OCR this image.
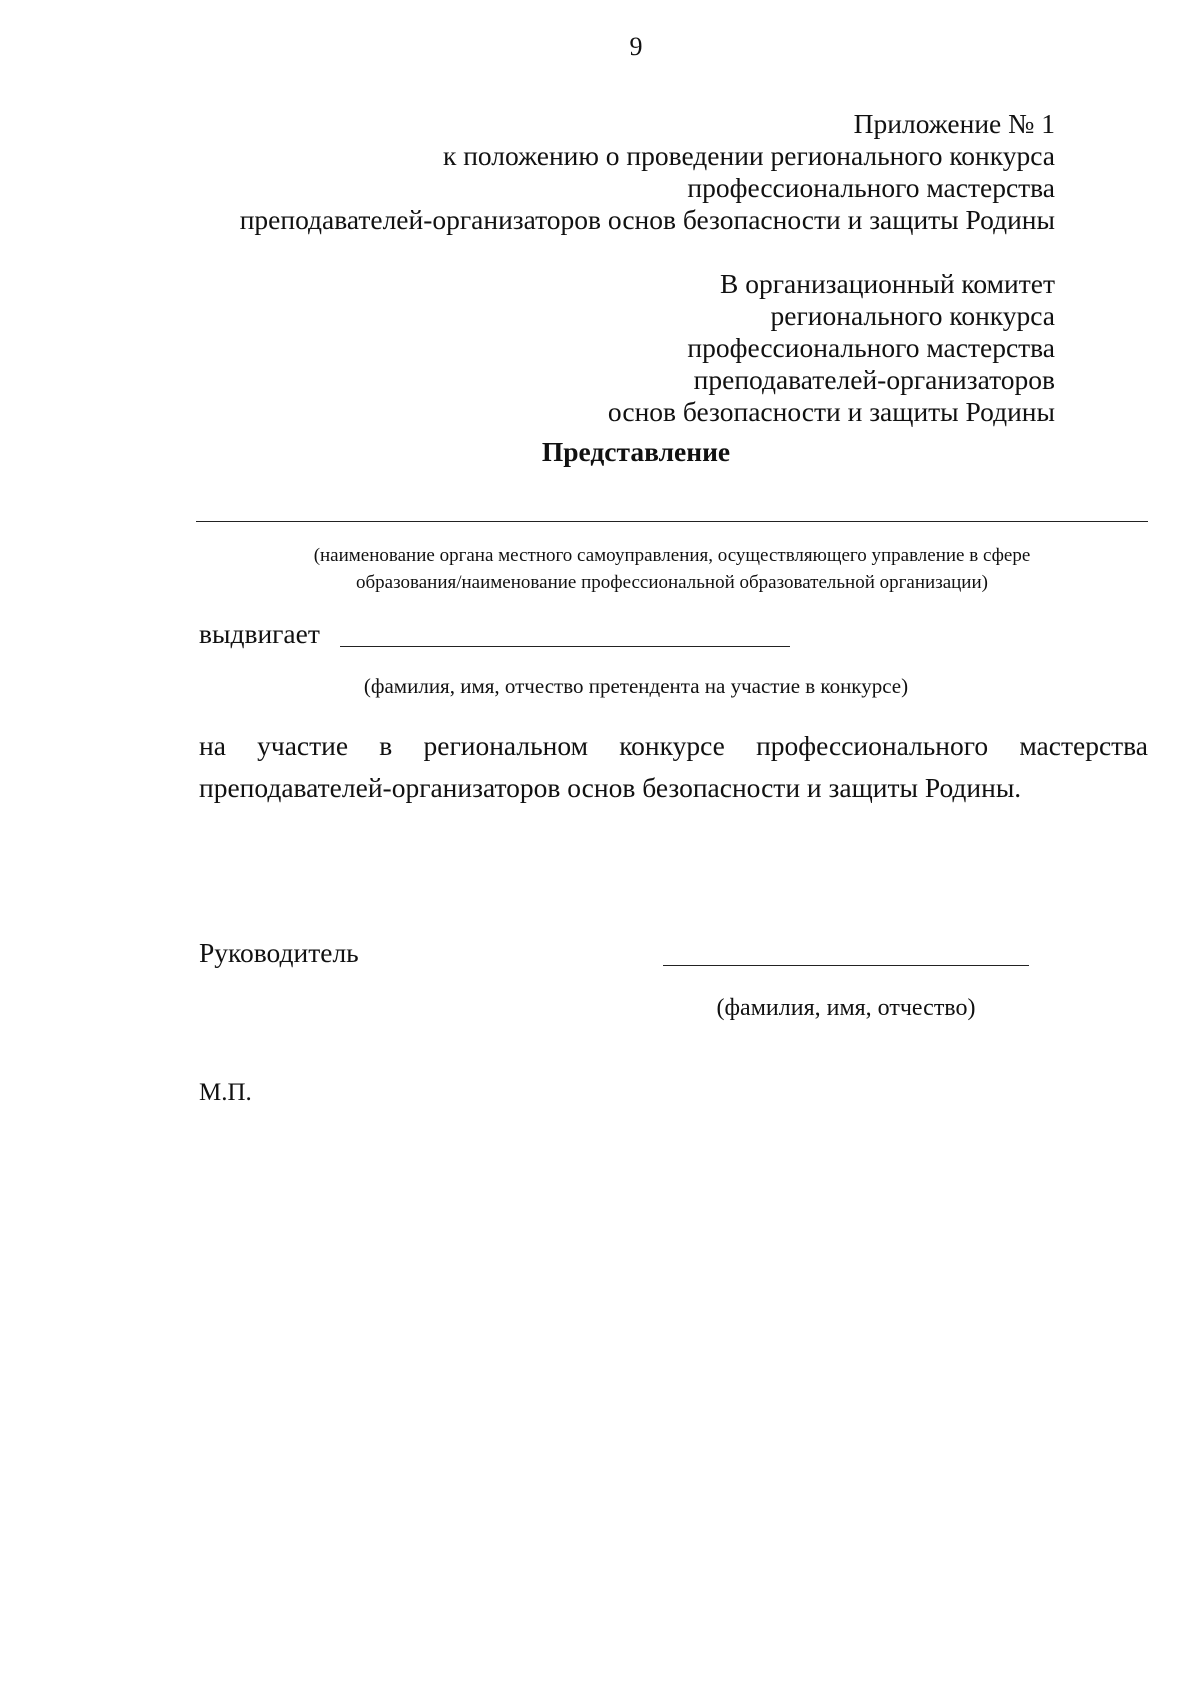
9
Приложение № 1
к положению о проведении регионального конкурса
профессионального мастерства
преподавателей-организаторов основ безопасности и защиты Родины
В организационный комитет
регионального конкурса
профессионального мастерства
преподавателей-организаторов
основ безопасности и защиты Родины
Представление
(наименование органа местного самоуправления, осуществляющего управление в сфере
образования/наименование профессиональной образовательной организации)
выдвигает
(фамилия, имя, отчество претендента на участие в конкурсе)
на участие в региональном конкурсе профессионального мастерства
преподавателей-организаторов основ безопасности и защиты Родины.
Руководитель
(фамилия, имя, отчество)
М.П.
